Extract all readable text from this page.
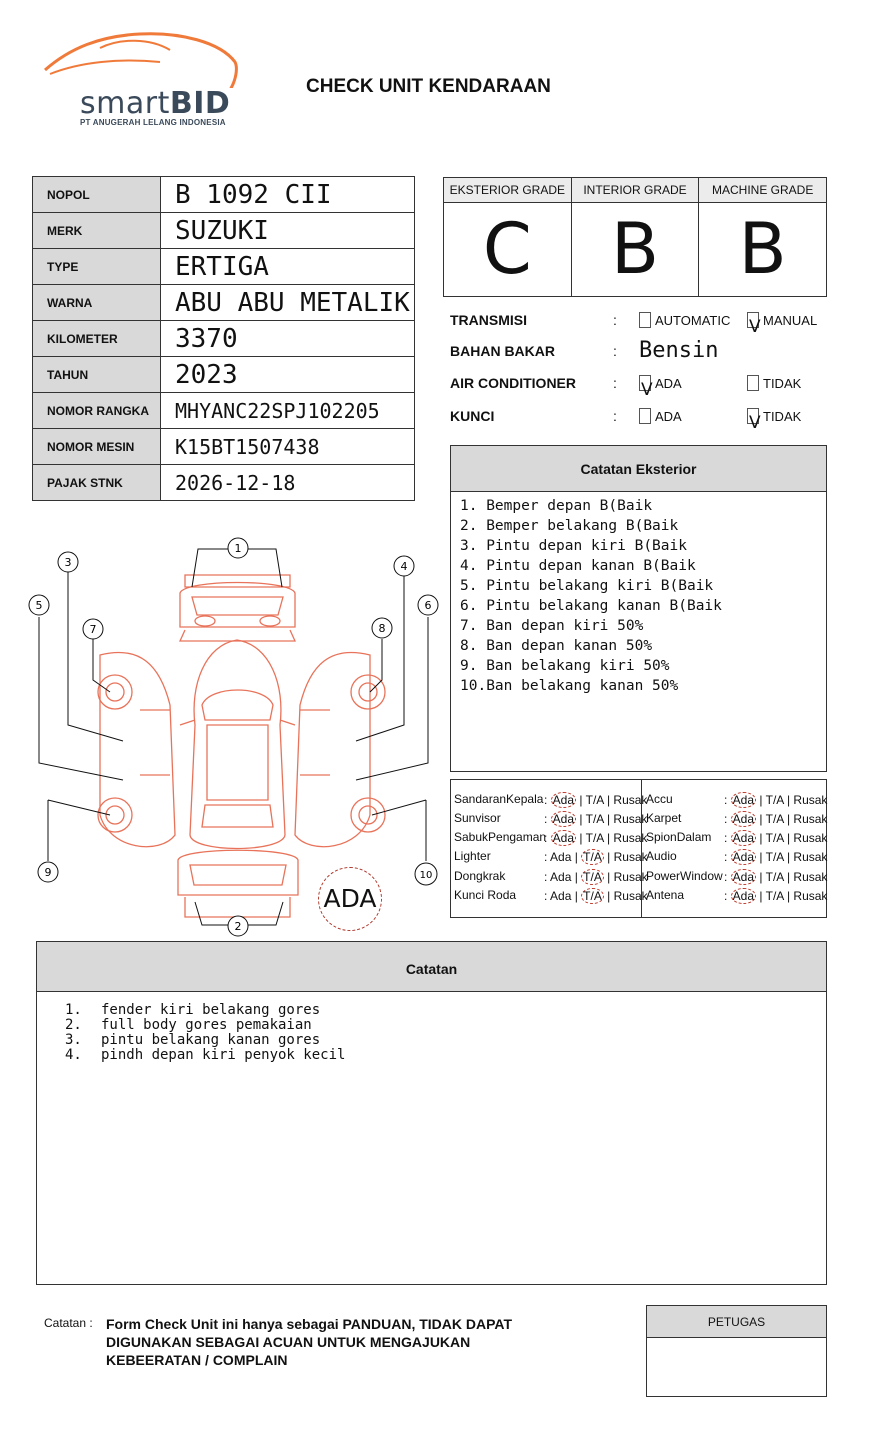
smartBID
PT ANUGERAH LELANG INDONESIA
CHECK UNIT KENDARAAN
NOPOL	B 1092 CII
MERK	SUZUKI
TYPE	ERTIGA
WARNA	ABU ABU METALIK
KILOMETER	3370
TAHUN	2023
NOMOR RANGKA	MHYANC22SPJ102205
NOMOR MESIN	K15BT1507438
PAJAK STNK	2026-12-18
EKSTERIOR GRADE
C
INTERIOR GRADE
B
MACHINE GRADE
B
TRANSMISI	:	AUTOMATIC V MANUAL
BAHAN BAKAR	: Bensin
AIR CONDITIONER	: V ADA	TIDAK
KUNCI	:	ADA	V TIDAK
Catatan Eksterior
1. Bemper depan B(Baik
2. Bemper belakang B(Baik
3. Pintu depan kiri B(Baik
4. Pintu depan kanan B(Baik
5. Pintu belakang kiri B(Baik
6. Pintu belakang kanan B(Baik
7. Ban depan kiri 50%
8. Ban depan kanan 50%
9. Ban belakang kiri 50%
10.Ban belakang kanan 50%
SandaranKepala : Ada | T/A | Rusak
Sunvisor	: Ada | T/A | Rusak
SabukPengaman
: Ada | T/A | Rusak
Lighter	: Ada | T/A | Rusak
Dongkrak	: Ada | T/A | Rusak
Kunci Roda : Ada | T/A | Rusak
Accu	: Ada | T/A | Rusak
Karpet	: Ada | T/A | Rusak
SpionDalam : Ada | T/A | Rusak
Audio	: Ada | T/A | Rusak
PowerWindow : Ada | T/A | Rusak
Antena	: Ada | T/A | Rusak
1
2
3	4
5	6
7	8
9	10
ADA
Catatan
1. fender kiri belakang gores
2. full body gores pemakaian
3. pintu belakang kanan gores
4. pindh depan kiri penyok kecil
Catatan : Form Check Unit ini hanya sebagai PANDUAN, TIDAK DAPAT DIGUNAKAN SEBAGAI ACUAN UNTUK MENGAJUKAN KEBEERATAN / COMPLAIN
PETUGAS
